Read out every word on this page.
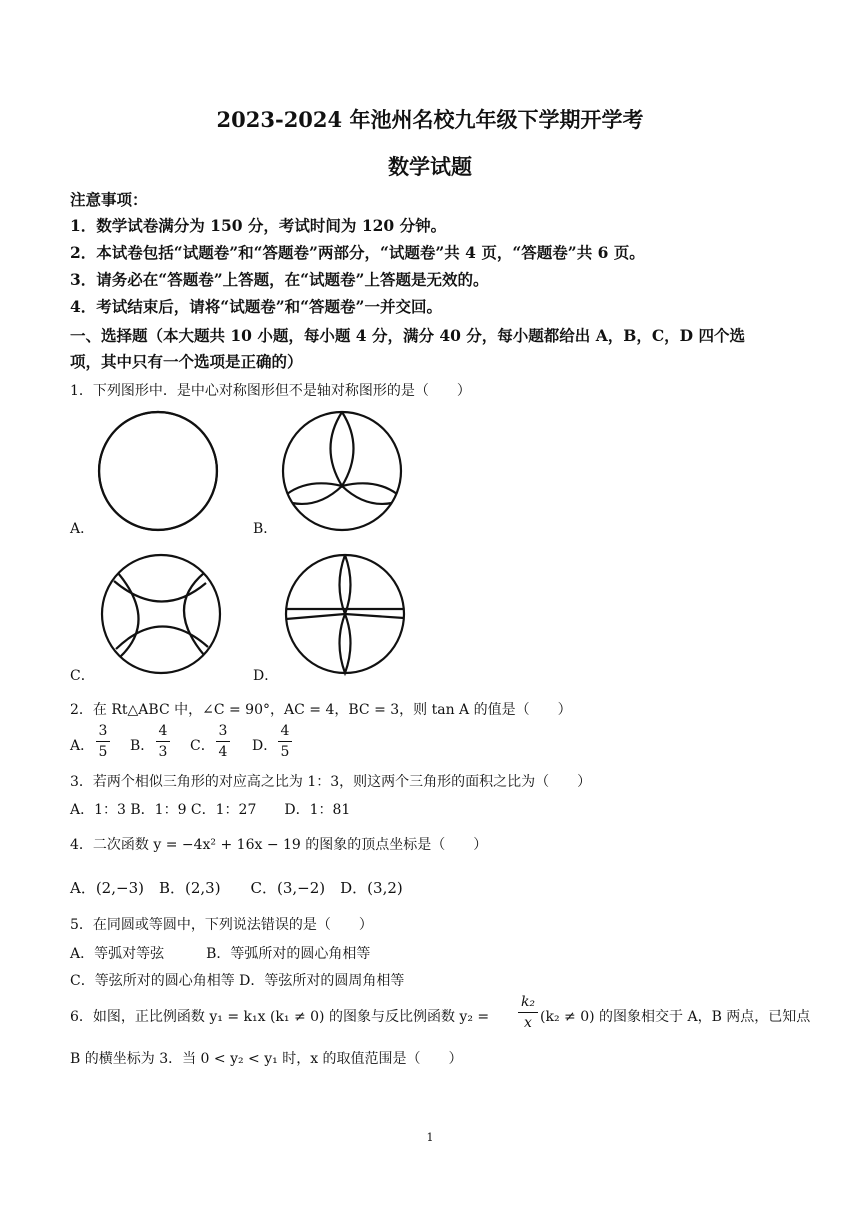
2023-2024 年池州名校九年级下学期开学考
数学试题
注意事项：
1．数学试卷满分为 150 分，考试时间为 120 分钟。
2．本试卷包括“试题卷”和“答题卷”两部分，“试题卷”共 4 页，“答题卷”共 6 页。
3．请务必在“答题卷”上答题，在“试题卷”上答题是无效的。
4．考试结束后，请将“试题卷”和“答题卷”一并交回。
一、选择题（本大题共 10 小题，每小题 4 分，满分 40 分，每小题都给出 A，B，C，D 四个选
项，其中只有一个选项是正确的）
1．下列图形中．是中心对称图形但不是轴对称图形的是（　　）
A．	B．
C．	D．
2．在 Rt△ABC 中，∠C = 90°，AC = 4，BC = 3，则 tan A 的值是（　　）
A．
3
5 B．
4
3 C．
3
4 D．
4
5
3．若两个相似三角形的对应高之比为 1：3，则这两个三角形的面积之比为（　　）
A．1：3 B．1：9 C．1：27　　D．1：81
4．二次函数 y = −4x² + 16x − 19 的图象的顶点坐标是（　　）
A．(2,−3)　B．(2,3)　　C．(3,−2)　D．(3,2)
5．在同圆或等圆中，下列说法错误的是（　　）
A．等弧对等弦　　　B．等弧所对的圆心角相等
C．等弦所对的圆心角相等 D．等弦所对的圆周角相等
6．如图，正比例函数 y₁ = k₁x (k₁ ≠ 0) 的图象与反比例函数 y₂ =
k₂
x (k₂ ≠ 0) 的图象相交于 A，B 两点，已知点
B 的横坐标为 3．当 0 < y₂ < y₁ 时，x 的取值范围是（　　）
1
